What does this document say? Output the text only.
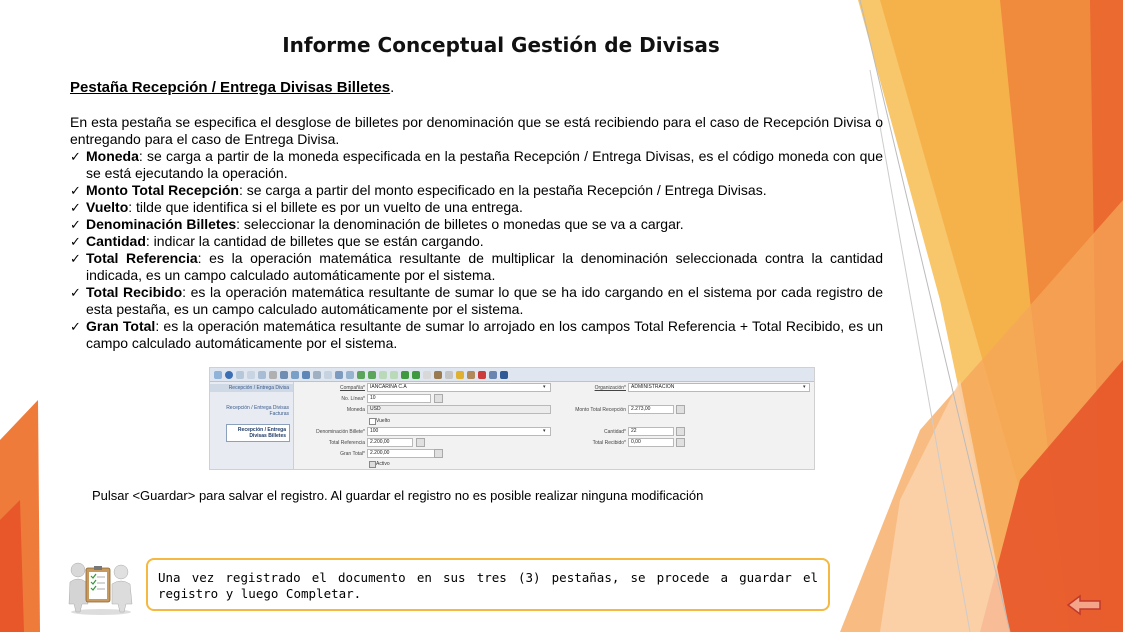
Informe Conceptual Gestión de Divisas
Pestaña Recepción / Entrega Divisas Billetes.
En esta pestaña se especifica el desglose de billetes por denominación que se está recibiendo para el caso de Recepción Divisa o entregando para el caso de Entrega Divisa.
✓ Moneda: se carga a partir de la moneda especificada en la pestaña Recepción / Entrega Divisas, es el código moneda con que se está ejecutando la operación.
✓ Monto Total Recepción: se carga a partir del monto especificado en la pestaña Recepción / Entrega Divisas.
✓ Vuelto: tilde que identifica si el billete es por un vuelto de una entrega.
✓ Denominación Billetes: seleccionar la denominación de billetes o monedas que se va a cargar.
✓ Cantidad: indicar la cantidad de billetes que se están cargando.
✓ Total Referencia: es la operación matemática resultante de multiplicar la denominación seleccionada contra la cantidad indicada, es un campo calculado automáticamente por el sistema.
✓ Total Recibido: es la operación matemática resultante de sumar lo que se ha ido cargando en el sistema por cada registro de esta pestaña, es un campo calculado automáticamente por el sistema.
✓ Gran Total: es la operación matemática resultante de sumar lo arrojado en los campos Total Referencia + Total Recibido, es un campo calculado automáticamente por el sistema.
Recepción / Entrega Divisa
Recepción / Entrega Divisas Facturas
Recepción / Entrega Divisas Billetes
Compañía*	IANCARINA C.A	▾
No. Línea*	10
Moneda	USD
Vuelto
Denominación Billete*	100	▾
Total Referencia	2.200,00
Gran Total*	2.200,00
Activo
Organización*	ADMINISTRACION	▾
Monto Total Recepción	2.273,00
Cantidad*	22
Total Recibido*	0,00
Pulsar <Guardar> para salvar el registro. Al guardar el registro no es posible realizar ninguna modificación
Una vez registrado el documento en sus tres (3) pestañas, se procede a guardar el registro y luego Completar.
